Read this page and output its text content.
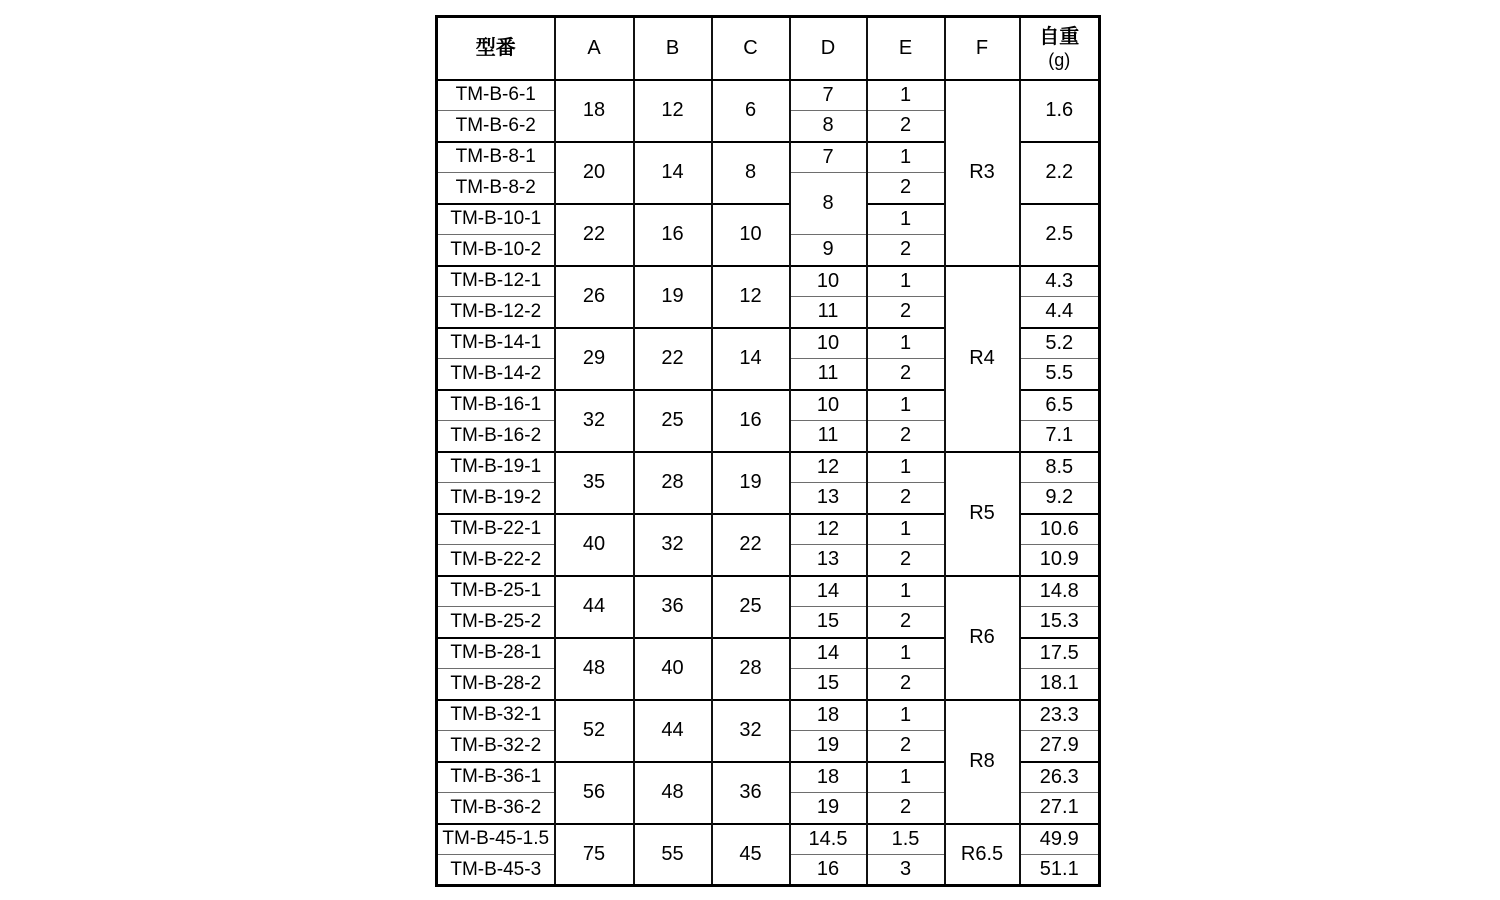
型番	A	B	C	D	E	F	自重
(g)

TM-B-6-1	18	12	6	7	1	R3	1.6
TM-B-6-2				8	2		
TM-B-8-1	20	14	8	7	1		2.2
TM-B-8-2				8	2		
TM-B-10-1	22	16	10		1		2.5
TM-B-10-2				9	2		
TM-B-12-1	26	19	12	10	1	R4	4.3
TM-B-12-2				11	2		4.4
TM-B-14-1	29	22	14	10	1		5.2
TM-B-14-2				11	2		5.5
TM-B-16-1	32	25	16	10	1		6.5
TM-B-16-2				11	2		7.1
TM-B-19-1	35	28	19	12	1	R5	8.5
TM-B-19-2				13	2		9.2
TM-B-22-1	40	32	22	12	1		10.6
TM-B-22-2				13	2		10.9
TM-B-25-1	44	36	25	14	1	R6	14.8
TM-B-25-2				15	2		15.3
TM-B-28-1	48	40	28	14	1		17.5
TM-B-28-2				15	2		18.1
TM-B-32-1	52	44	32	18	1	R8	23.3
TM-B-32-2				19	2		27.9
TM-B-36-1	56	48	36	18	1		26.3
TM-B-36-2				19	2		27.1
TM-B-45-1.5	75	55	45	14.5	1.5	R6.5	49.9
TM-B-45-3				16	3		51.1
